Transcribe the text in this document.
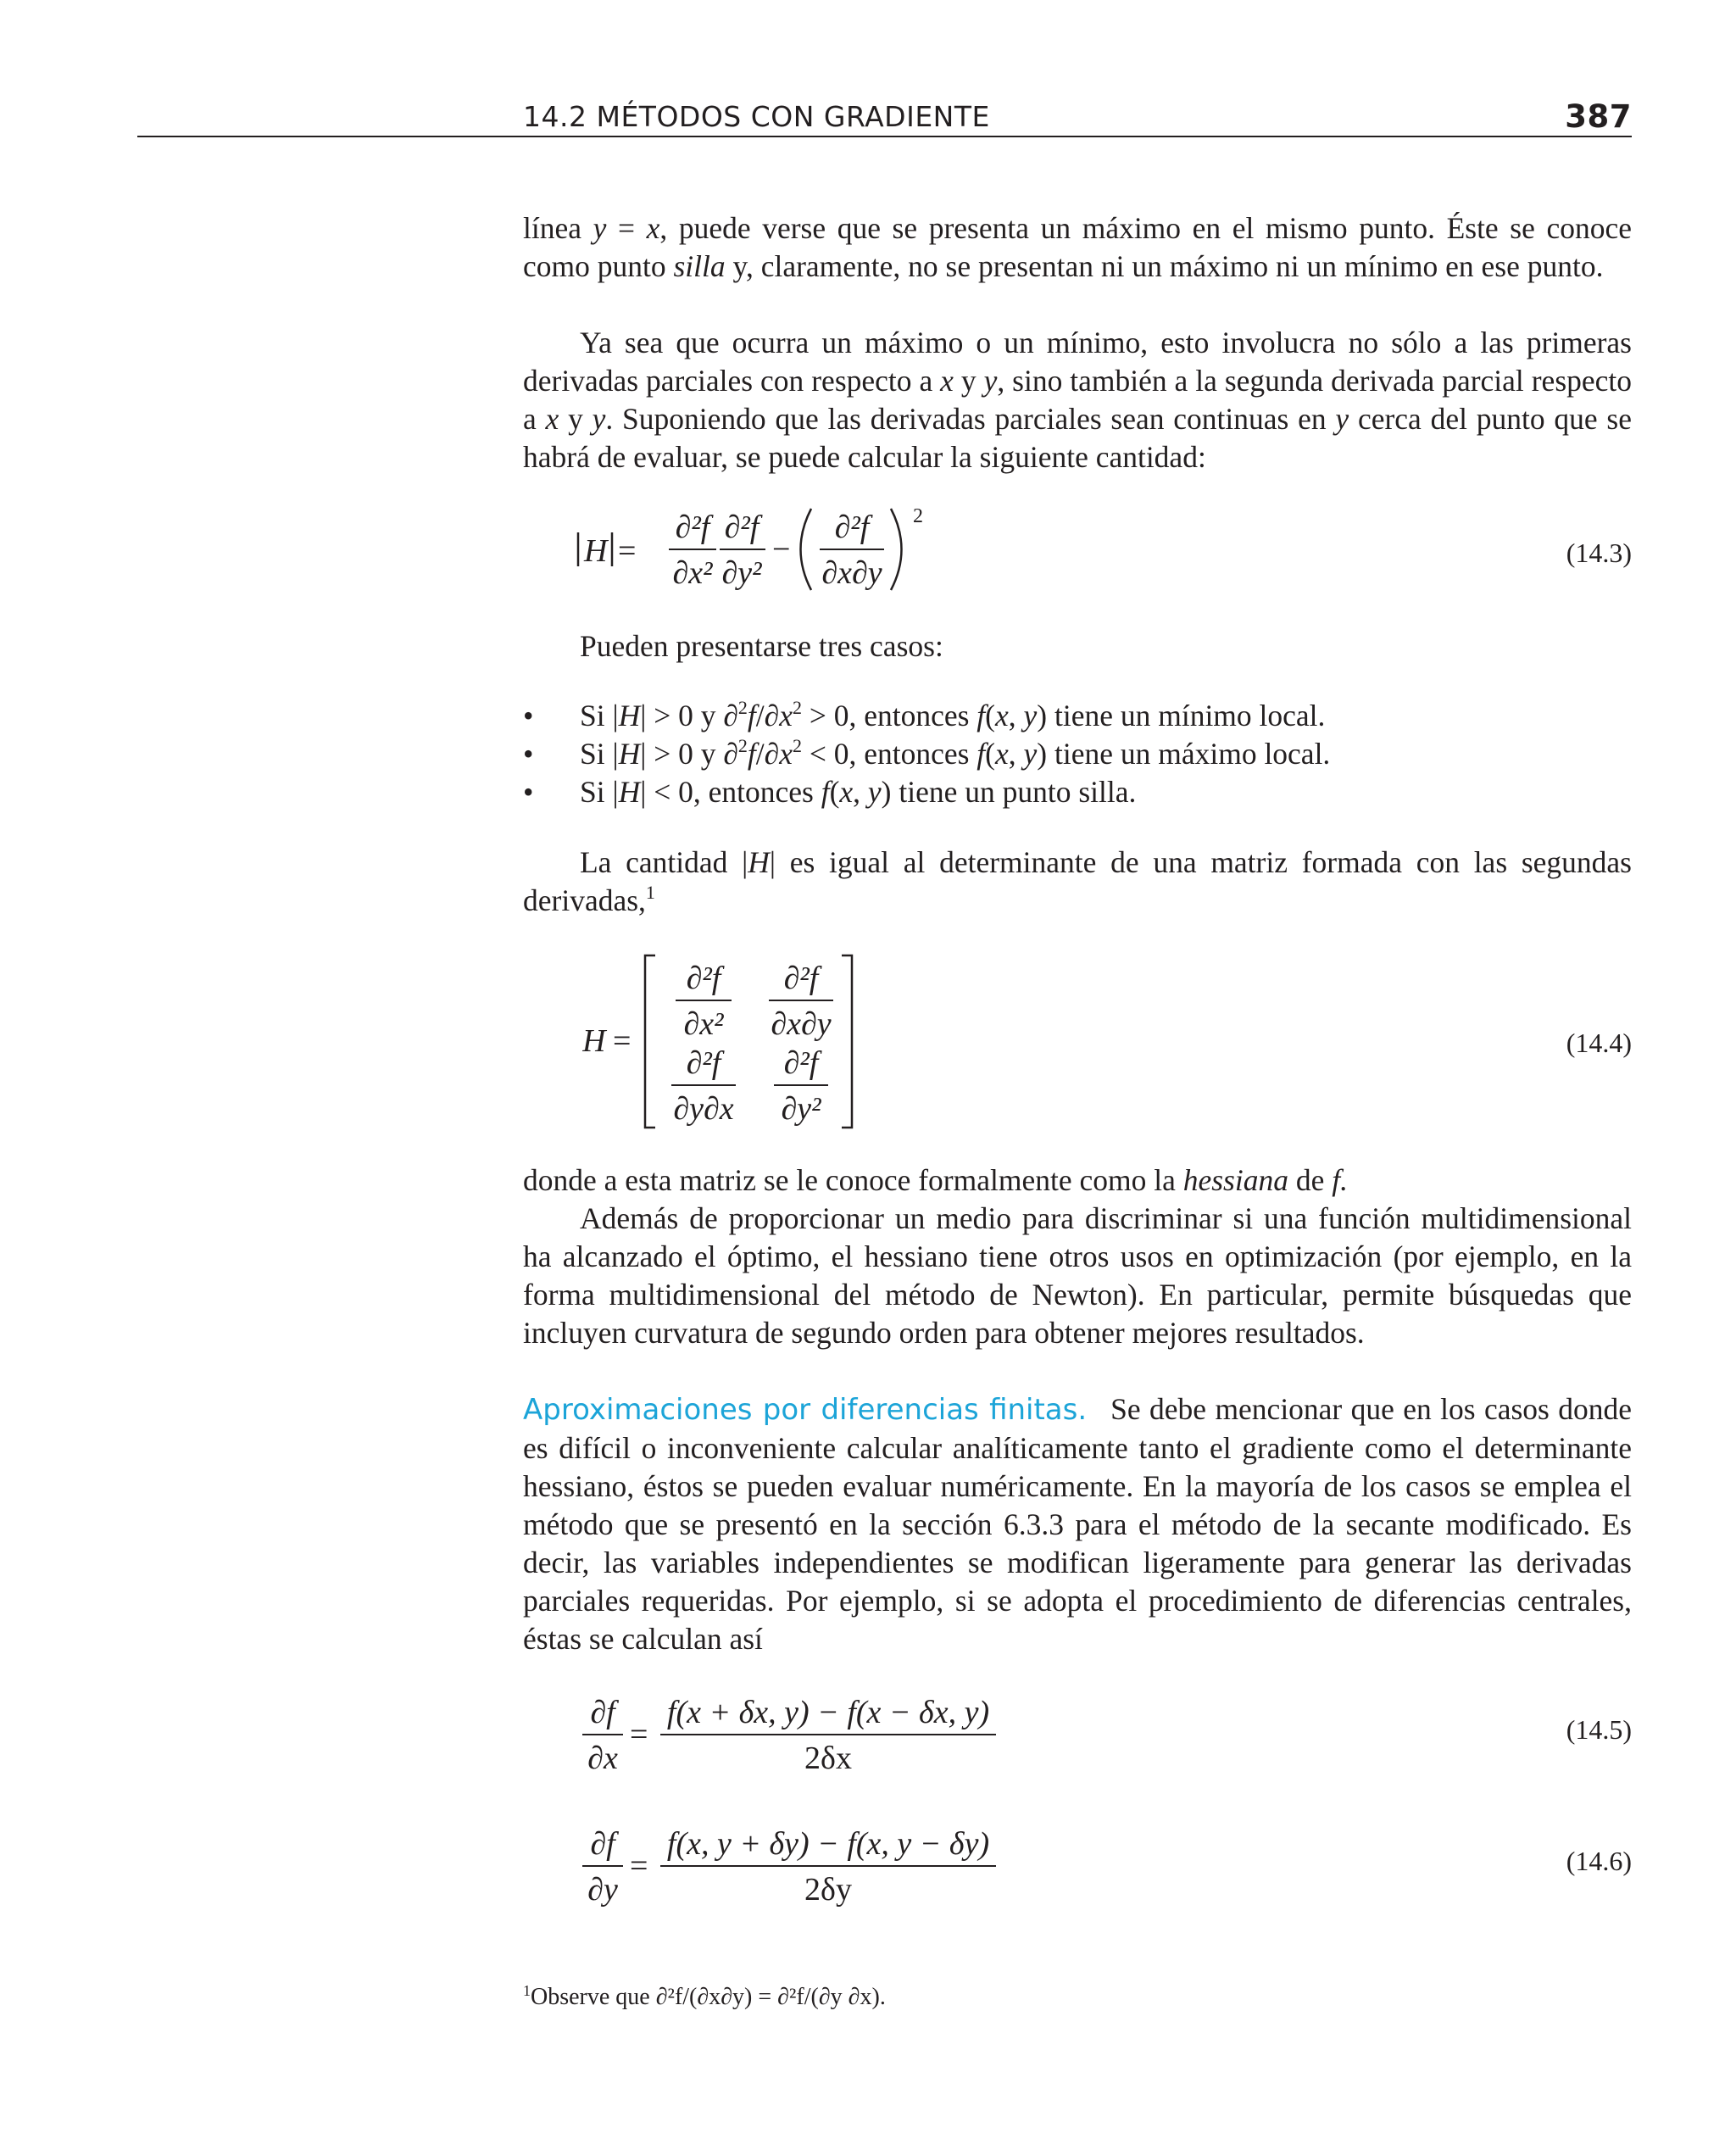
14.2 MÉTODOS CON GRADIENTE	387

línea y = x, puede verse que se presenta un máximo en el mismo punto. Éste se conoce como punto silla y, claramente, no se presentan ni un máximo ni un mínimo en ese punto.

Ya sea que ocurra un máximo o un mínimo, esto involucra no sólo a las primeras derivadas parciales con respecto a x y y, sino también a la segunda derivada parcial respecto a x y y. Suponiendo que las derivadas parciales sean continuas en y cerca del punto que se habrá de evaluar, se puede calcular la siguiente cantidad:

H =
∂²f
∂x²
∂²f
∂y²
−
∂²f
∂x∂y
2
(14.3)

Pueden presentarse tres casos:

• Si |H| > 0 y $\partial^2f/\partial x^2 > 0$, entonces f(x, y) tiene un mínimo local.
• Si |H| > 0 y $\partial^2f/\partial x^2 < 0$, entonces f(x, y) tiene un máximo local.
• Si |H| < 0, entonces f(x, y) tiene un punto silla.

La cantidad |H| es igual al determinante de una matriz formada con las segundas derivadas,$^1$

H =
∂²f
∂x²
∂²f
∂x∂y
∂²f
∂y∂x
∂²f
∂y²
(14.4)

donde a esta matriz se le conoce formalmente como la hessiana de f.

Además de proporcionar un medio para discriminar si una función multidimensional ha alcanzado el óptimo, el hessiano tiene otros usos en optimización (por ejemplo, en la forma multidimensional del método de Newton). En particular, permite búsquedas que incluyen curvatura de segundo orden para obtener mejores resultados.

Aproximaciones por diferencias finitas. Se debe mencionar que en los casos donde es difícil o inconveniente calcular analíticamente tanto el gradiente como el determinante hessiano, éstos se pueden evaluar numéricamente. En la mayoría de los casos se emplea el método que se presentó en la sección 6.3.3 para el método de la secante modificado. Es decir, las variables independientes se modifican ligeramente para generar las derivadas parciales requeridas. Por ejemplo, si se adopta el procedimiento de diferencias centrales, éstas se calculan así

∂f
∂x
=
f(x + δx, y) − f(x − δx, y)
2δx
(14.5)
∂f
∂y
=
f(x, y + δy) − f(x, y − δy)
2δy
(14.6)
$^1$Observe que ∂²f/(∂x∂y) = ∂²f/(∂y ∂x).
